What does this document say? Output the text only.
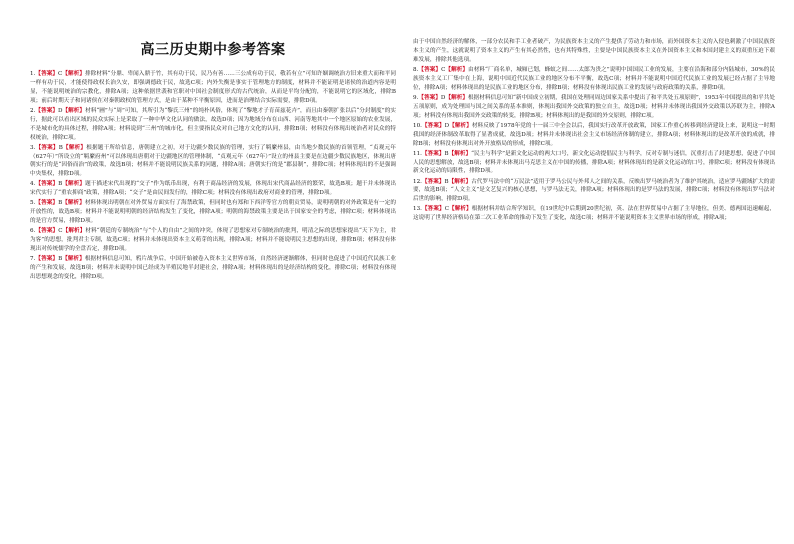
1.【答案】C【解析】排除材料“分鼎、卑闻入鼎于竹，其有功于民，民乃有善……三公成有功于民，敬若有立”可知许姻调统治方旧来重大而和平同一样有功于民，才能使得政权长治久安，即强调德政于民，故选C项；内外失衡是事实于管理地方的制度，材料并不能证明是诸侯的治道内容是明显，不能说明统治的宗教化，排除A项；这种依据世袭和官职对中国社会制度形式的古代统治，从而是平均分配的，不能说明它的区域化，排除B项；前后时期天子和同诸侯在对秦朝政权的管理方式，是由于某种不平衡原因，进而是治理结合实际需要，排除D项。

2.【答案】D【解析】材料“圃”与“周”可知，其所引为“黎氏三州”的纯朴风俗，体现了“黎地才子育苗兹花卉”，而且由秦朝扩张以后“分封制度”的实行，据此可以看出区域的民众实际上是采取了一种中华文化认同的做法，故选D项；因为地域分布在山西、河南等地其中一个地区原始的农业发展，不是城市化的具体过程，排除A项；材料说到“三州”的城市化，但主要指民众对自己地方文化的认同，排除B项；材料没有体现出统治者对民众的特权统治，排除C项。

3.【答案】B【解析】根据题干所给信息，唐朝建立之初，对于边疆少数民族的管理，实行了羁縻州县，由当地少数民族的首领管理，“贞观元年（627年）”所设立的“羁縻府州”可以体现出唐朝对于边疆地区的管理体制，“贞观元年（627年）”设立的州县主要是在边疆少数民族地区，体现出唐朝实行的是“因俗而治”的政策，故选B项；材料并不能说明民族关系的问题，排除A项；唐朝实行的是“郡县制”，排除C项；材料体现出的不是强调中央集权，排除D项。

4.【答案】B【解析】题干描述宋代出现的“交子”作为纸币出现，有利于商品经济的发展，体现出宋代商品经济的繁荣，故选B项；题干并未体现出宋代实行了“重农抑商”政策，排除A项；“交子”是由民间发行的，排除C项；材料没有体现出政府对商业的管理，排除D项。

5.【答案】B【解析】材料体现出明朝在对外贸易方面实行了海禁政策，但同时也有郑和下西洋等官方的朝贡贸易，说明明朝的对外政策是有一定的开放性的，故选B项；材料并不能说明明朝的经济结构发生了变化，排除A项；明朝的海禁政策主要是出于国家安全的考虑，排除C项；材料体现出的是官方贸易，排除D项。

6.【答案】C【解析】材料“朝廷的专制统治”与“个人的自由”之间的冲突，体现了思想家对专制统治的批判，明清之际的思想家提出“天下为主，君为客”的思想，批判君主专制，故选C项；材料并未体现出资本主义萌芽的出现，排除A项；材料并不能说明民主思想的出现，排除B项；材料没有体现出对传统儒学的全盘否定，排除D项。

7.【答案】B【解析】根据材料信息可知，鸦片战争后，中国开始被卷入资本主义世界市场，自然经济逐渐解体，但同时也促进了中国近代民族工业的产生和发展，故选B项；材料并未说明中国已经成为半殖民地半封建社会，排除A项；材料体现出的是经济结构的变化，排除C项；材料没有体现出思想观念的变化，排除D项。

高三历史期中参考答案	由于中国自然经济的解体，一部分农民和手工业者破产，为民族资本主义的产生提供了劳动力和市场，而外国资本主义的入侵也刺激了中国民族资本主义的产生，这就说明了资本主义的产生有其必然性，也有其特殊性，主要是中国民族资本主义在外国资本主义和本国封建主义的双重压迫下艰难发展，排除其他选项。

8.【答案】C【解析】由材料“厂商名单，城厢已划，蜂蚁之间……太郎为贵之”说明中国国民工业的发展，主要在沿海和部分内陆城市，30%的民族资本主义工厂集中在上海，说明中国近代民族工业的地区分布不平衡，故选C项；材料并不能说明中国近代民族工业的发展已经占据了主导地位，排除A项；材料体现出的是民族工业的地区分布，排除B项；材料没有体现出民族工业的发展与政府政策的关系，排除D项。

9.【答案】D【解析】根据材料信息可知“新中国成立初期，我国在处理同周边国家关系中提出了和平共处五项原则”，1953年中国提出的和平共处五项原则，成为处理国与国之间关系的基本准则，体现出我国外交政策的独立自主，故选D项；材料并未体现出我国外交政策以苏联为主，排除A项；材料没有体现出我国外交政策的转变，排除B项；材料体现出的是我国的外交原则，排除C项。

10.【答案】D【解析】材料反映了1978年党的十一届三中全会以后，我国实行改革开放政策，国家工作重心转移到经济建设上来，说明这一时期我国的经济体制改革取得了显著成就，故选D项；材料并未体现出社会主义市场经济体制的建立，排除A项；材料体现出的是改革开放的成就，排除B项；材料没有体现出对外开放格局的形成，排除C项。

11.【答案】B【解析】“民主与科学”是新文化运动的两大口号，新文化运动提倡民主与科学，反对专制与迷信，沉重打击了封建思想，促进了中国人民的思想解放，故选B项；材料并未体现出马克思主义在中国的传播，排除A项；材料体现出的是新文化运动的口号，排除C项；材料没有体现出新文化运动的局限性，排除D项。

12.【答案】B【解析】古代罗马法中的“万民法”适用于罗马公民与外邦人之间的关系，反映出罗马统治者为了维护其统治，适应罗马疆域扩大的需要，故选B项；“人文主义”是文艺复兴的核心思想，与罗马法无关，排除A项；材料体现出的是罗马法的发展，排除C项；材料没有体现出罗马法对后世的影响，排除D项。

13.【答案】C【解析】根据材料并结合所学知识，在19世纪中后期到20世纪初，英、法在世界贸易中占据了主导地位，但美、德两国迅速崛起，这说明了世界经济格局在第二次工业革命的推动下发生了变化，故选C项；材料并不能说明资本主义世界市场的形成，排除A项；
